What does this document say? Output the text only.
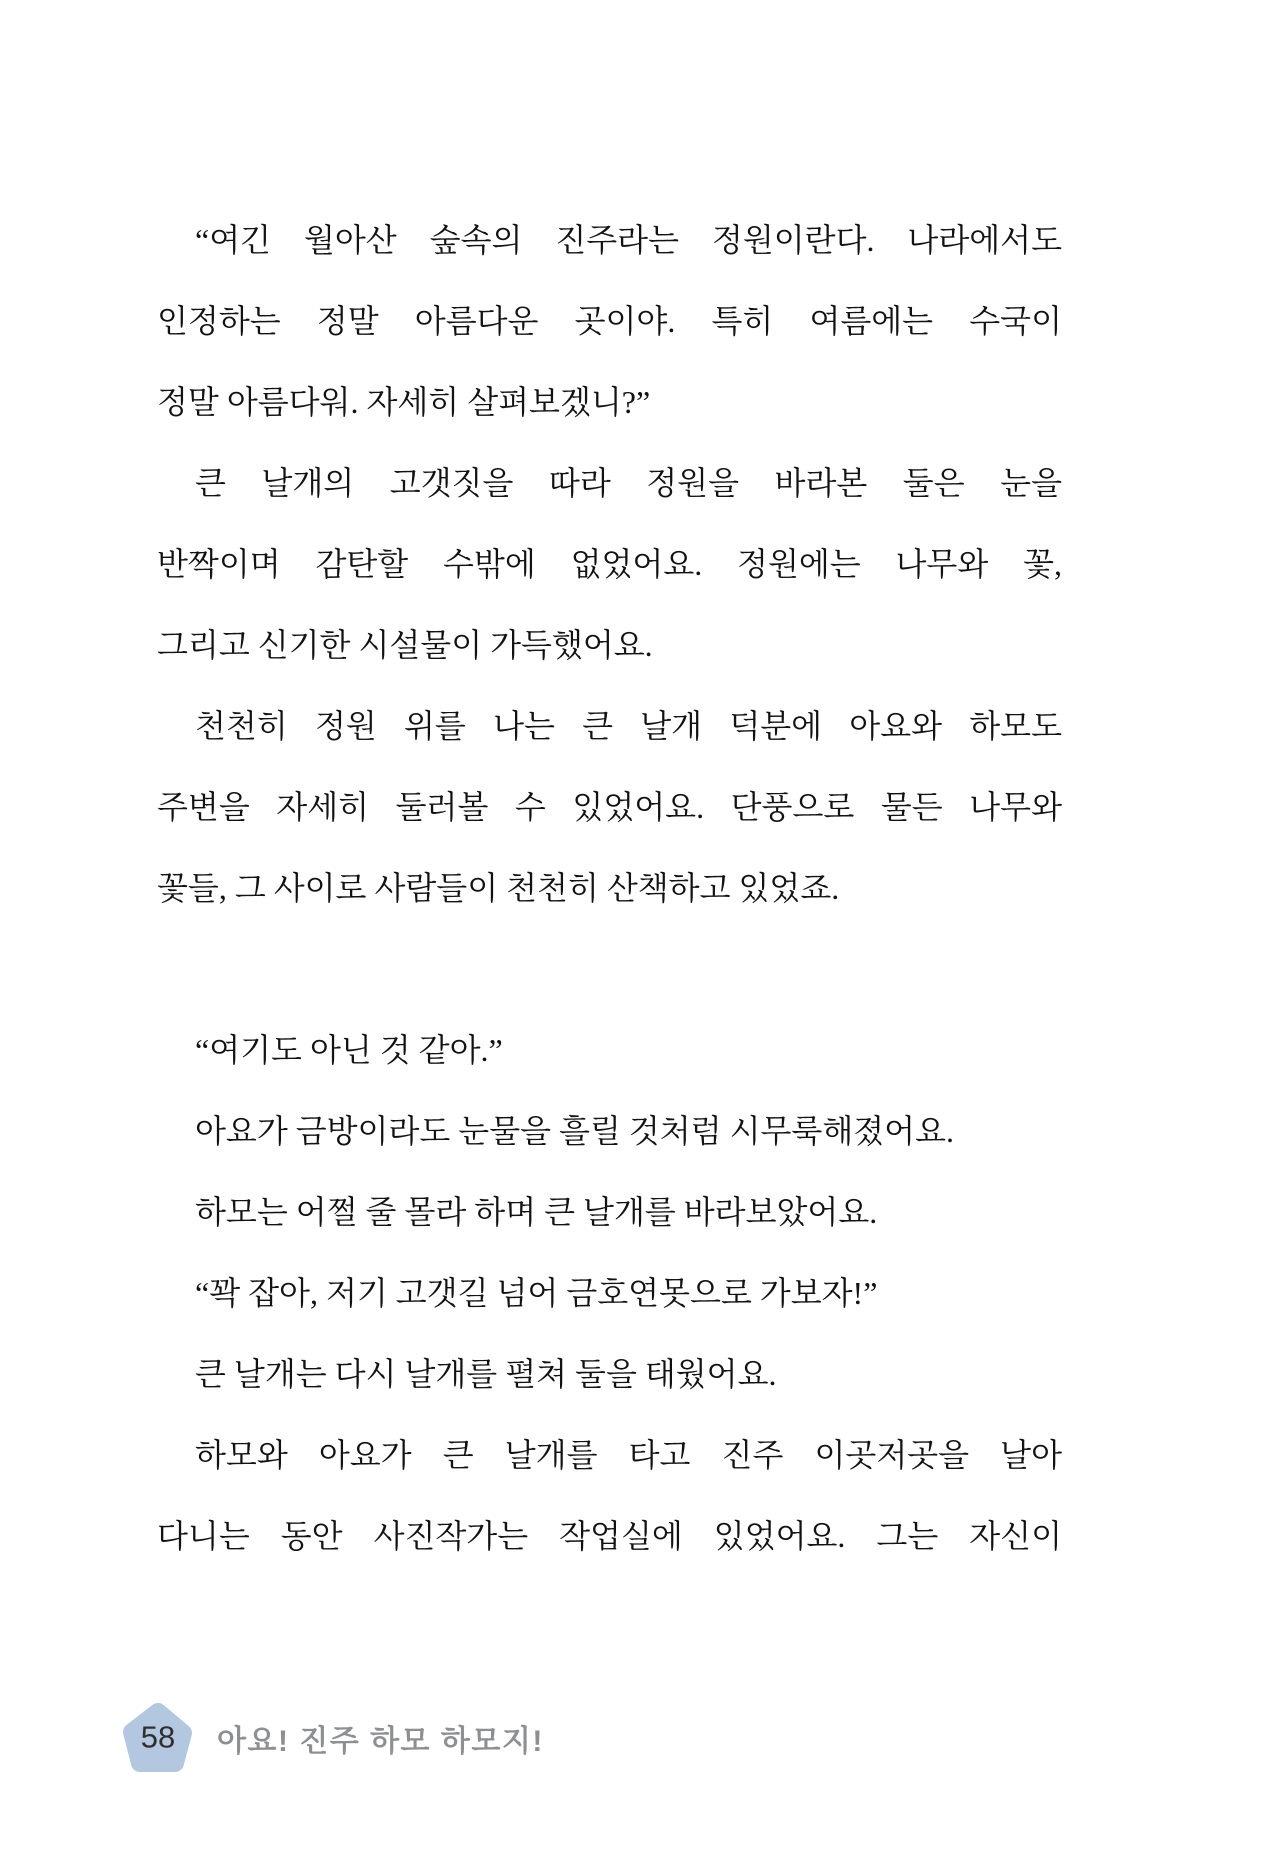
“여긴 월아산 숲속의 진주라는 정원이란다. 나라에서도
인정하는 정말 아름다운 곳이야. 특히 여름에는 수국이
정말 아름다워. 자세히 살펴보겠니?”
큰 날개의 고갯짓을 따라 정원을 바라본 둘은 눈을
반짝이며 감탄할 수밖에 없었어요. 정원에는 나무와 꽃,
그리고 신기한 시설물이 가득했어요.
천천히 정원 위를 나는 큰 날개 덕분에 아요와 하모도
주변을 자세히 둘러볼 수 있었어요. 단풍으로 물든 나무와
꽃들, 그 사이로 사람들이 천천히 산책하고 있었죠.
“여기도 아닌 것 같아.”
아요가 금방이라도 눈물을 흘릴 것처럼 시무룩해졌어요.
하모는 어쩔 줄 몰라 하며 큰 날개를 바라보았어요.
“꽉 잡아, 저기 고갯길 넘어 금호연못으로 가보자!”
큰 날개는 다시 날개를 펼쳐 둘을 태웠어요.
하모와 아요가 큰 날개를 타고 진주 이곳저곳을 날아
다니는 동안 사진작가는 작업실에 있었어요. 그는 자신이
58	아요! 진주 하모 하모지!
